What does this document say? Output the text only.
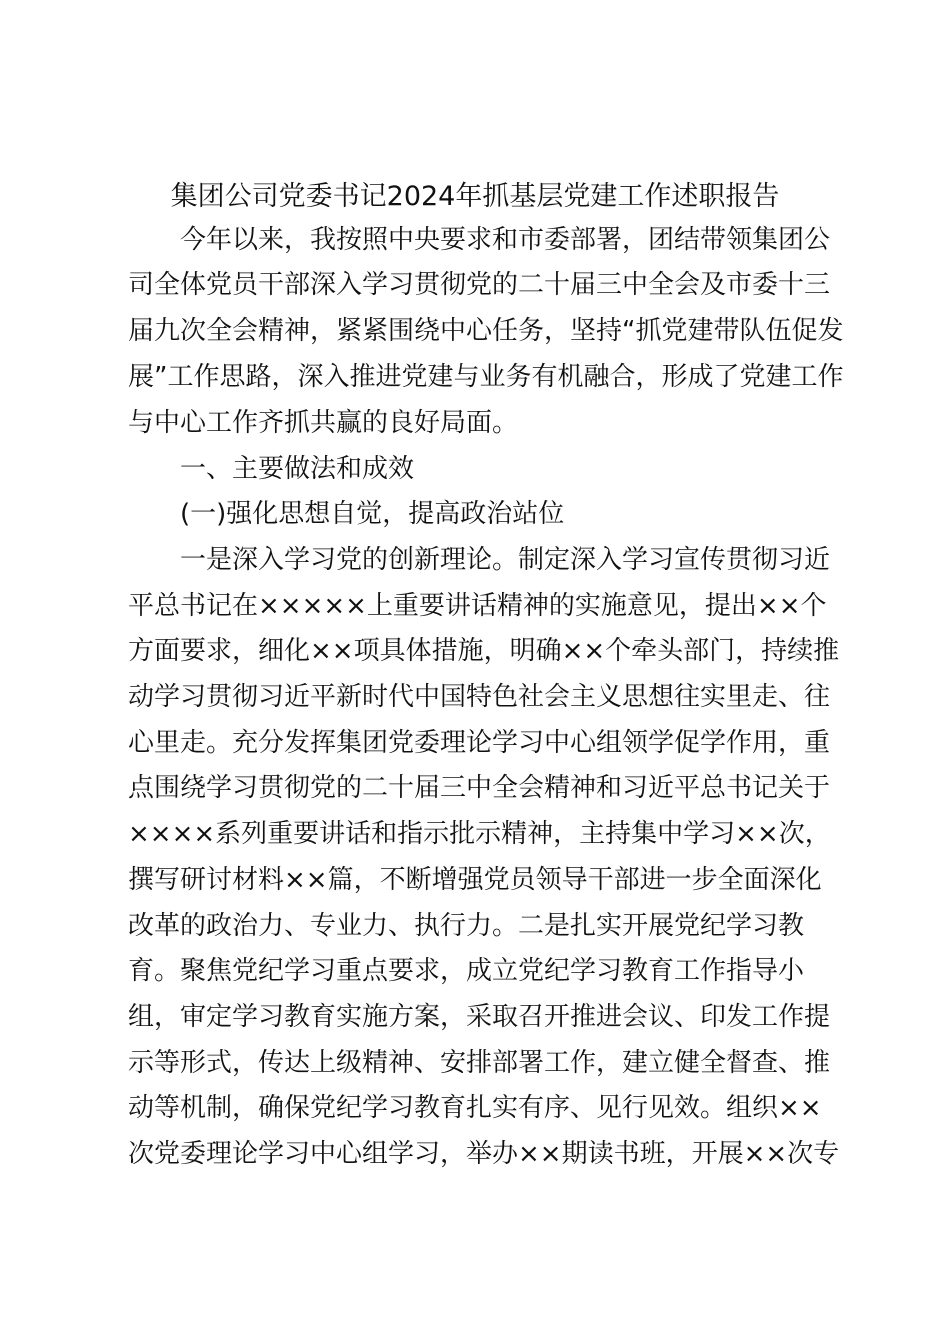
集团公司党委书记2024年抓基层党建工作述职报告
　　今年以来，我按照中央要求和市委部署，团结带领集团公
司全体党员干部深入学习贯彻党的二十届三中全会及市委十三
届九次全会精神，紧紧围绕中心任务，坚持“抓党建带队伍促发
展”工作思路，深入推进党建与业务有机融合，形成了党建工作
与中心工作齐抓共赢的良好局面。
　　一、主要做法和成效
　　(一)强化思想自觉，提高政治站位
　　一是深入学习党的创新理论。制定深入学习宣传贯彻习近
平总书记在×××××上重要讲话精神的实施意见，提出××个
方面要求，细化××项具体措施，明确××个牵头部门，持续推
动学习贯彻习近平新时代中国特色社会主义思想往实里走、往
心里走。充分发挥集团党委理论学习中心组领学促学作用，重
点围绕学习贯彻党的二十届三中全会精神和习近平总书记关于
××××系列重要讲话和指示批示精神，主持集中学习××次，
撰写研讨材料××篇，不断增强党员领导干部进一步全面深化
改革的政治力、专业力、执行力。二是扎实开展党纪学习教
育。聚焦党纪学习重点要求，成立党纪学习教育工作指导小
组，审定学习教育实施方案，采取召开推进会议、印发工作提
示等形式，传达上级精神、安排部署工作，建立健全督查、推
动等机制，确保党纪学习教育扎实有序、见行见效。组织××
次党委理论学习中心组学习，举办××期读书班，开展××次专
